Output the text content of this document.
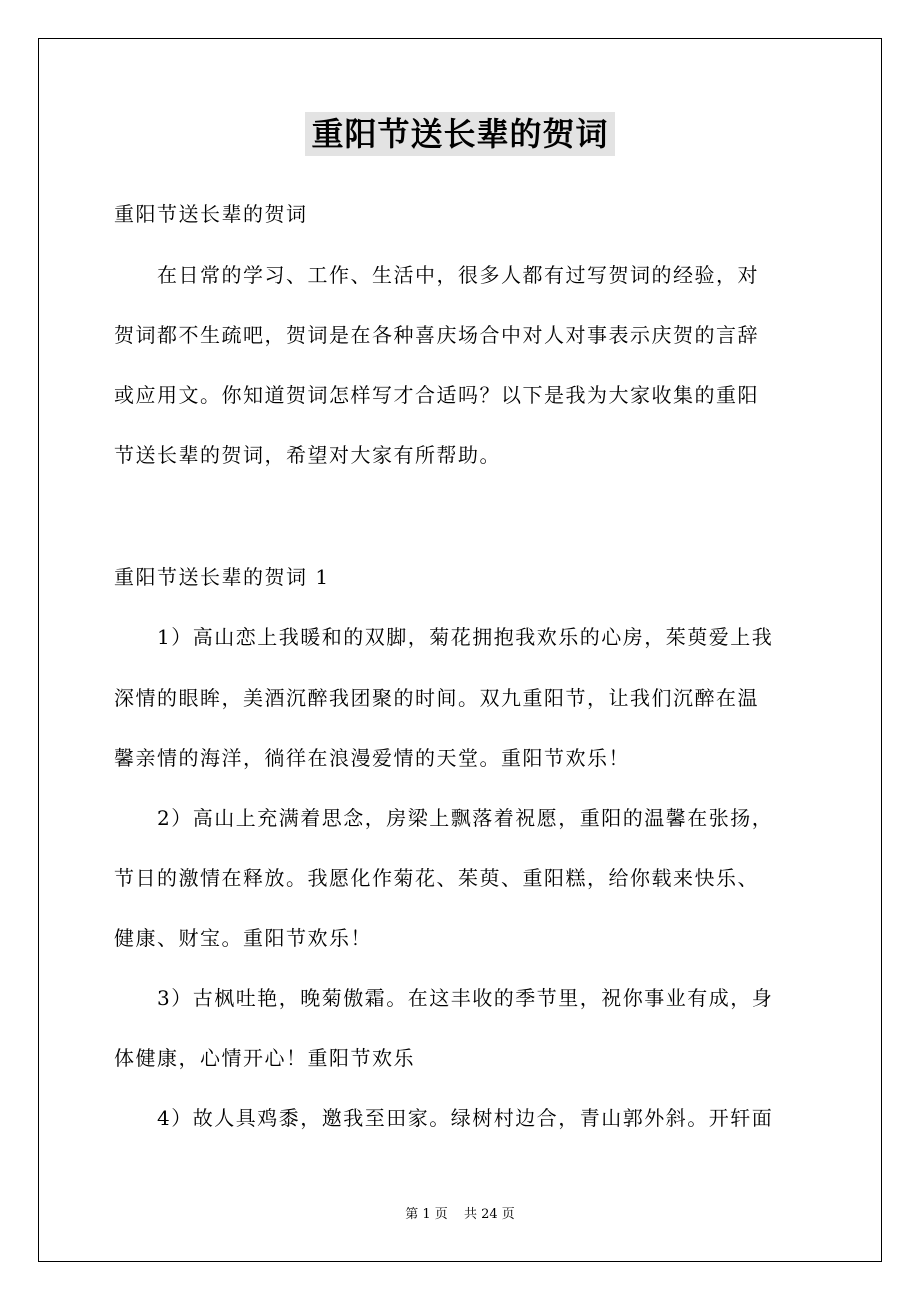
重阳节送长辈的贺词
重阳节送长辈的贺词
　　在日常的学习、工作、生活中，很多人都有过写贺词的经验，对
贺词都不生疏吧，贺词是在各种喜庆场合中对人对事表示庆贺的言辞
或应用文。你知道贺词怎样写才合适吗？以下是我为大家收集的重阳
节送长辈的贺词，希望对大家有所帮助。
重阳节送长辈的贺词 1
　　1）高山恋上我暖和的双脚，菊花拥抱我欢乐的心房，茱萸爱上我
深情的眼眸，美酒沉醉我团聚的时间。双九重阳节，让我们沉醉在温
馨亲情的海洋，徜徉在浪漫爱情的天堂。重阳节欢乐！
　　2）高山上充满着思念，房梁上飘落着祝愿，重阳的温馨在张扬，
节日的激情在释放。我愿化作菊花、茱萸、重阳糕，给你载来快乐、
健康、财宝。重阳节欢乐！
　　3）古枫吐艳，晚菊傲霜。在这丰收的季节里，祝你事业有成，身
体健康，心情开心！重阳节欢乐
　　4）故人具鸡黍，邀我至田家。绿树村边合，青山郭外斜。开轩面
第 1 页 共 24 页
